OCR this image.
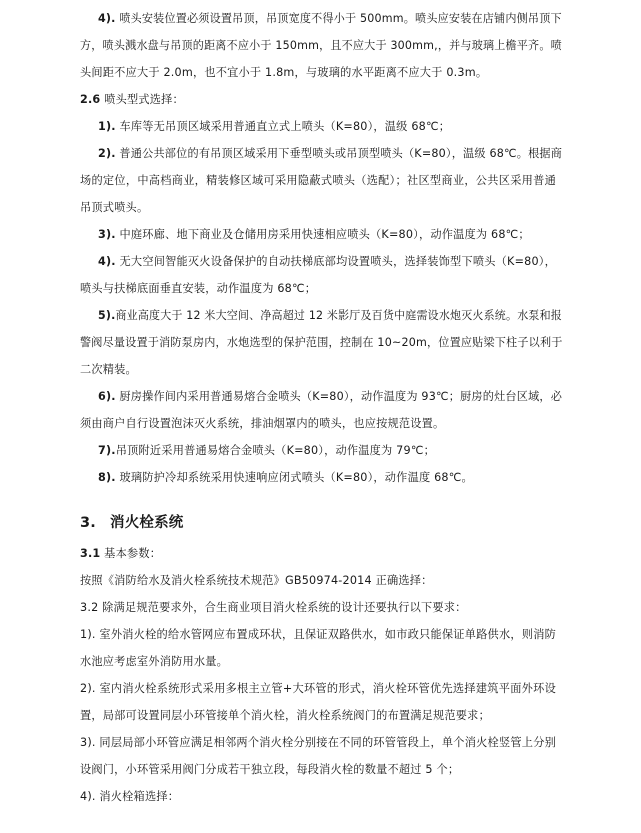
4). 喷头安装位置必须设置吊顶，吊顶宽度不得小于 500mm。喷头应安装在店铺内侧吊顶下
方，喷头溅水盘与吊顶的距离不应小于 150mm，且不应大于 300mm,，并与玻璃上檐平齐。喷
头间距不应大于 2.0m，也不宜小于 1.8m，与玻璃的水平距离不应大于 0.3m。
2.6 喷头型式选择：
1). 车库等无吊顶区域采用普通直立式上喷头（K=80），温级 68℃；
2). 普通公共部位的有吊顶区域采用下垂型喷头或吊顶型喷头（K=80），温级 68℃。根据商
场的定位，中高档商业，精装修区域可采用隐蔽式喷头（选配）；社区型商业，公共区采用普通
吊顶式喷头。
3). 中庭环廊、地下商业及仓储用房采用快速相应喷头（K=80），动作温度为 68℃；
4). 无大空间智能灭火设备保护的自动扶梯底部均设置喷头，选择装饰型下喷头（K=80），
喷头与扶梯底面垂直安装，动作温度为 68℃；
5).商业高度大于 12 米大空间、净高超过 12 米影厅及百货中庭需设水炮灭火系统。水泵和报
警阀尽量设置于消防泵房内，水炮选型的保护范围，控制在 10~20m，位置应贴梁下柱子以利于
二次精装。
6). 厨房操作间内采用普通易熔合金喷头（K=80），动作温度为 93℃；厨房的灶台区域，必
须由商户自行设置泡沫灭火系统，排油烟罩内的喷头，也应按规范设置。
7).吊顶附近采用普通易熔合金喷头（K=80），动作温度为 79℃；
8). 玻璃防护冷却系统采用快速响应闭式喷头（K=80），动作温度 68℃。
3. 消火栓系统
3.1 基本参数：
按照《消防给水及消火栓系统技术规范》GB50974-2014 正确选择：
3.2 除满足规范要求外，合生商业项目消火栓系统的设计还要执行以下要求：
1). 室外消火栓的给水管网应布置成环状，且保证双路供水，如市政只能保证单路供水，则消防
水池应考虑室外消防用水量。
2). 室内消火栓系统形式采用多根主立管+大环管的形式，消火栓环管优先选择建筑平面外环设
置，局部可设置同层小环管接单个消火栓，消火栓系统阀门的布置满足规范要求；
3). 同层局部小环管应满足相邻两个消火栓分别接在不同的环管管段上，单个消火栓竖管上分别
设阀门，小环管采用阀门分成若干独立段，每段消火栓的数量不超过 5 个；
4). 消火栓箱选择：
